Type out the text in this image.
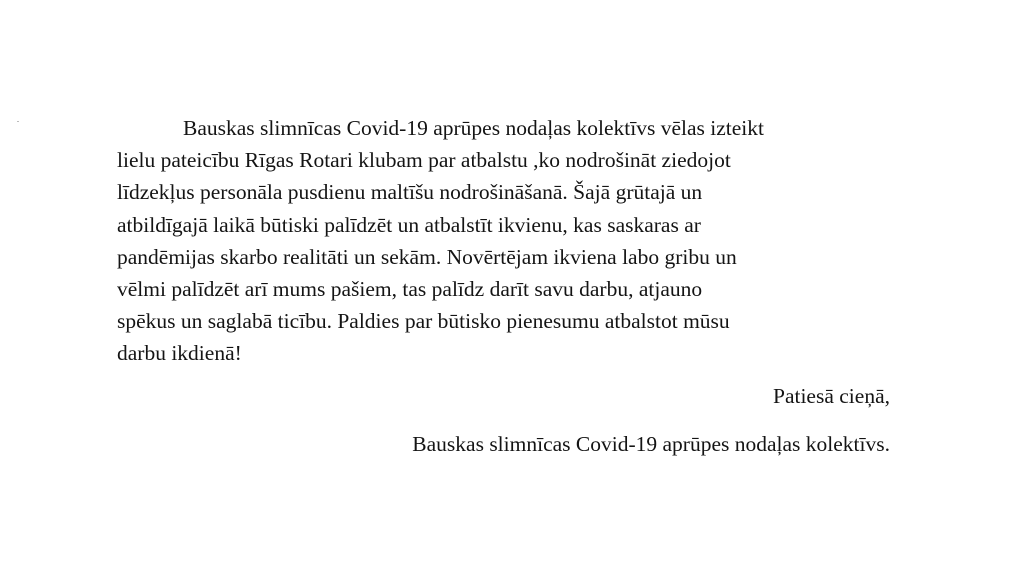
Bauskas slimnīcas Covid-19 aprūpes nodaļas kolektīvs vēlas izteikt
lielu pateicību Rīgas Rotari klubam par atbalstu ,ko nodrošināt ziedojot
līdzekļus personāla pusdienu maltīšu nodrošināšanā. Šajā grūtajā un
atbildīgajā laikā būtiski palīdzēt un atbalstīt ikvienu, kas saskaras ar
pandēmijas skarbo realitāti un sekām. Novērtējam ikviena labo gribu un
vēlmi palīdzēt arī mums pašiem, tas palīdz darīt savu darbu, atjauno
spēkus un saglabā ticību. Paldies par būtisko pienesumu atbalstot mūsu
darbu ikdienā!
Patiesā cieņā,
Bauskas slimnīcas Covid-19 aprūpes nodaļas kolektīvs.
